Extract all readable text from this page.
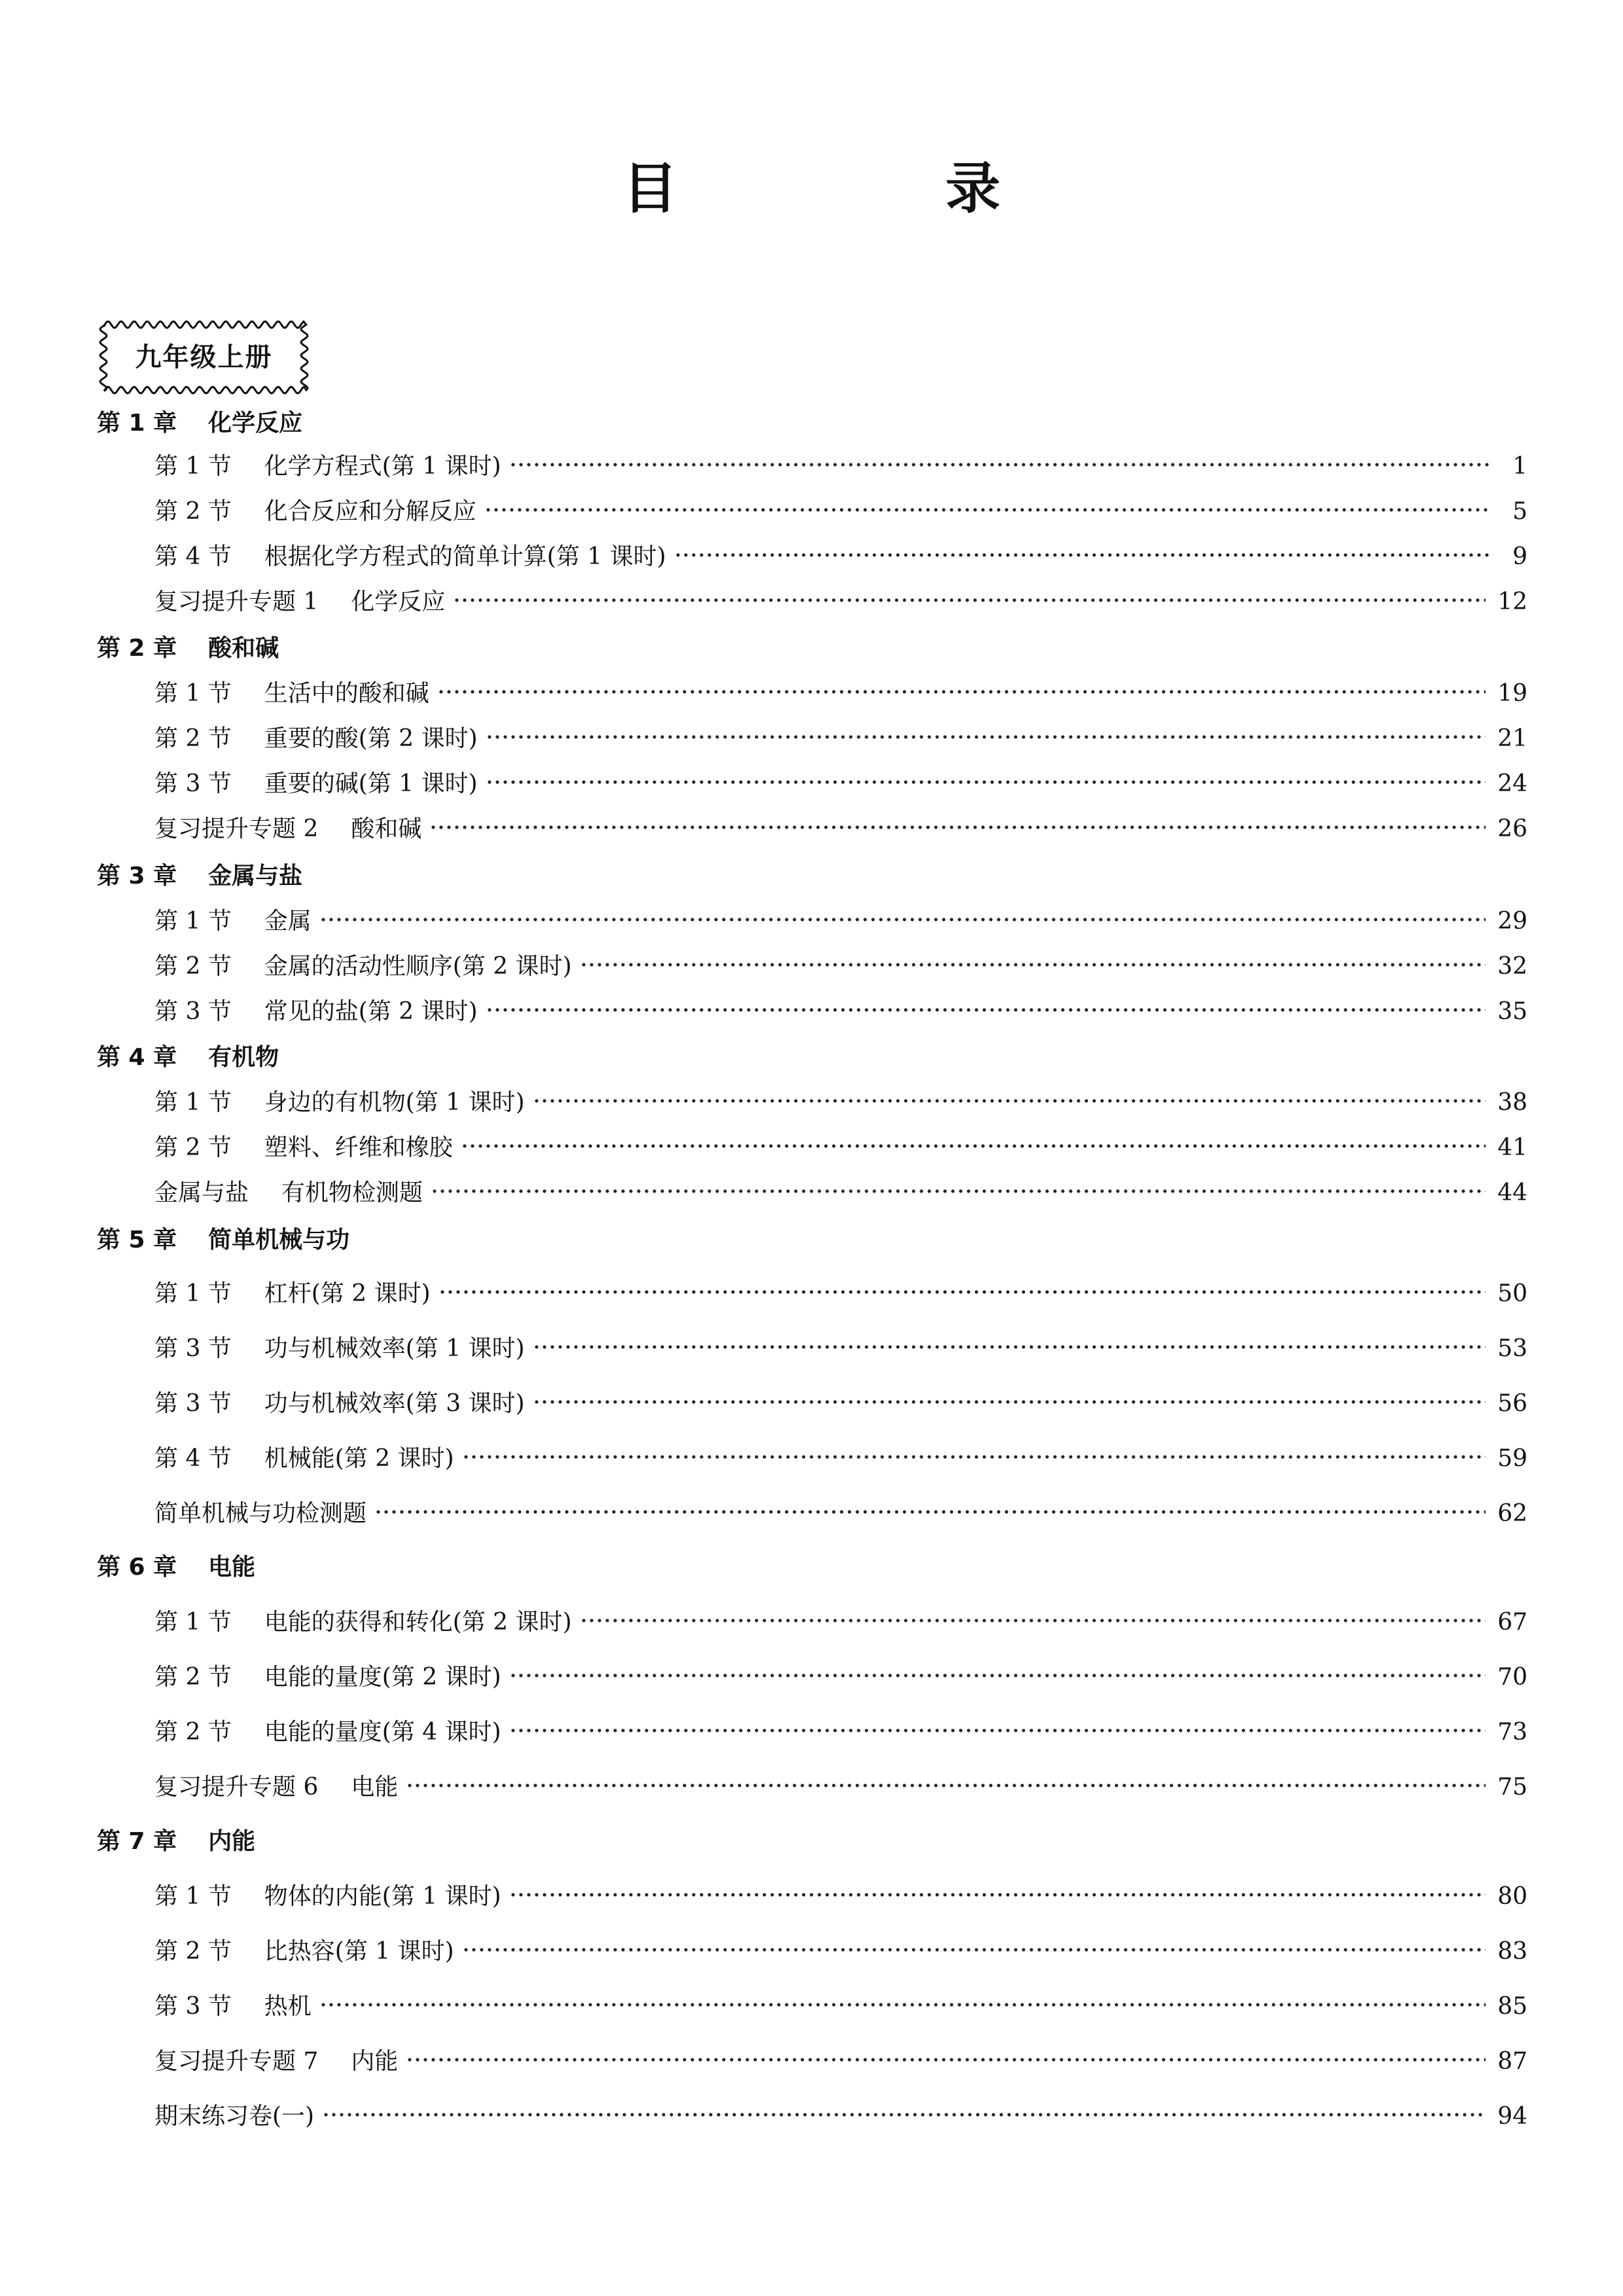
目 录
九年级上册
第 1 章 化学反应
第 1 节 化学方程式(第 1 课时)	1
第 2 节 化合反应和分解反应	5
第 4 节 根据化学方程式的简单计算(第 1 课时)	9
复习提升专题 1 化学反应	12
第 2 章 酸和碱
第 1 节 生活中的酸和碱	19
第 2 节 重要的酸(第 2 课时)	21
第 3 节 重要的碱(第 1 课时)	24
复习提升专题 2 酸和碱	26
第 3 章 金属与盐
第 1 节 金属	29
第 2 节 金属的活动性顺序(第 2 课时)	32
第 3 节 常见的盐(第 2 课时)	35
第 4 章 有机物
第 1 节 身边的有机物(第 1 课时)	38
第 2 节 塑料、纤维和橡胶	41
金属与盐 有机物检测题	44
第 5 章 简单机械与功
第 1 节 杠杆(第 2 课时)	50
第 3 节 功与机械效率(第 1 课时)	53
第 3 节 功与机械效率(第 3 课时)	56
第 4 节 机械能(第 2 课时)	59
简单机械与功检测题	62
第 6 章 电能
第 1 节 电能的获得和转化(第 2 课时)	67
第 2 节 电能的量度(第 2 课时)	70
第 2 节 电能的量度(第 4 课时)	73
复习提升专题 6 电能	75
第 7 章 内能
第 1 节 物体的内能(第 1 课时)	80
第 2 节 比热容(第 1 课时)	83
第 3 节 热机	85
复习提升专题 7 内能	87
期末练习卷(一)	94
